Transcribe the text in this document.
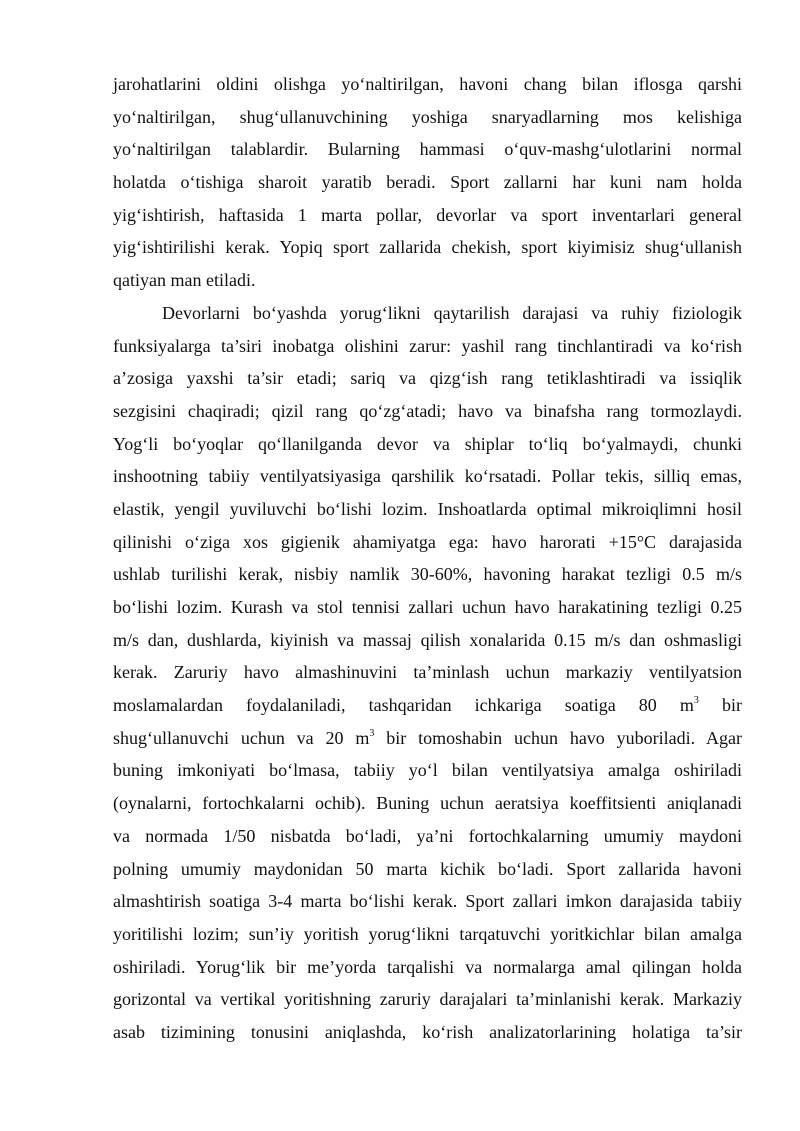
jarohatlarini oldini olishga yo‘naltirilgan, havoni chang bilan iflosga qarshi
yo‘naltirilgan, shug‘ullanuvchining yoshiga snaryadlarning mos kelishiga
yo‘naltirilgan talablardir. Bularning hammasi o‘quv-mashg‘ulotlarini normal
holatda o‘tishiga sharoit yaratib beradi. Sport zallarni har kuni nam holda
yig‘ishtirish, haftasida 1 marta pollar, devorlar va sport inventarlari general
yig‘ishtirilishi kerak. Yopiq sport zallarida chekish, sport kiyimisiz shug‘ullanish
qatiyan man etiladi.
Devorlarni bo‘yashda yorug‘likni qaytarilish darajasi va ruhiy fiziologik
funksiyalarga ta’siri inobatga olishini zarur: yashil rang tinchlantiradi va ko‘rish
a’zosiga yaxshi ta’sir etadi; sariq va qizg‘ish rang tetiklashtiradi va issiqlik
sezgisini chaqiradi; qizil rang qo‘zg‘atadi; havo va binafsha rang tormozlaydi.
Yog‘li bo‘yoqlar qo‘llanilganda devor va shiplar to‘liq bo‘yalmaydi, chunki
inshootning tabiiy ventilyatsiyasiga qarshilik ko‘rsatadi. Pollar tekis, silliq emas,
elastik, yengil yuviluvchi bo‘lishi lozim. Inshoatlarda optimal mikroiqlimni hosil
qilinishi o‘ziga xos gigienik ahamiyatga ega: havo harorati +15°C darajasida
ushlab turilishi kerak, nisbiy namlik 30-60%, havoning harakat tezligi 0.5 m/s
bo‘lishi lozim. Kurash va stol tennisi zallari uchun havo harakatining tezligi 0.25
m/s dan, dushlarda, kiyinish va massaj qilish xonalarida 0.15 m/s dan oshmasligi
kerak. Zaruriy havo almashinuvini ta’minlash uchun markaziy ventilyatsion
moslamalardan foydalaniladi, tashqaridan ichkariga soatiga 80 $m^3$ bir
shug‘ullanuvchi uchun va 20 $m^3$ bir tomoshabin uchun havo yuboriladi. Agar
buning imkoniyati bo‘lmasa, tabiiy yo‘l bilan ventilyatsiya amalga oshiriladi
(oynalarni, fortochkalarni ochib). Buning uchun aeratsiya koeffitsienti aniqlanadi
va normada 1/50 nisbatda bo‘ladi, ya’ni fortochkalarning umumiy maydoni
polning umumiy maydonidan 50 marta kichik bo‘ladi. Sport zallarida havoni
almashtirish soatiga 3-4 marta bo‘lishi kerak. Sport zallari imkon darajasida tabiiy
yoritilishi lozim; sun’iy yoritish yorug‘likni tarqatuvchi yoritkichlar bilan amalga
oshiriladi. Yorug‘lik bir me’yorda tarqalishi va normalarga amal qilingan holda
gorizontal va vertikal yoritishning zaruriy darajalari ta’minlanishi kerak. Markaziy
asab tizimining tonusini aniqlashda, ko‘rish analizatorlarining holatiga ta’sir
